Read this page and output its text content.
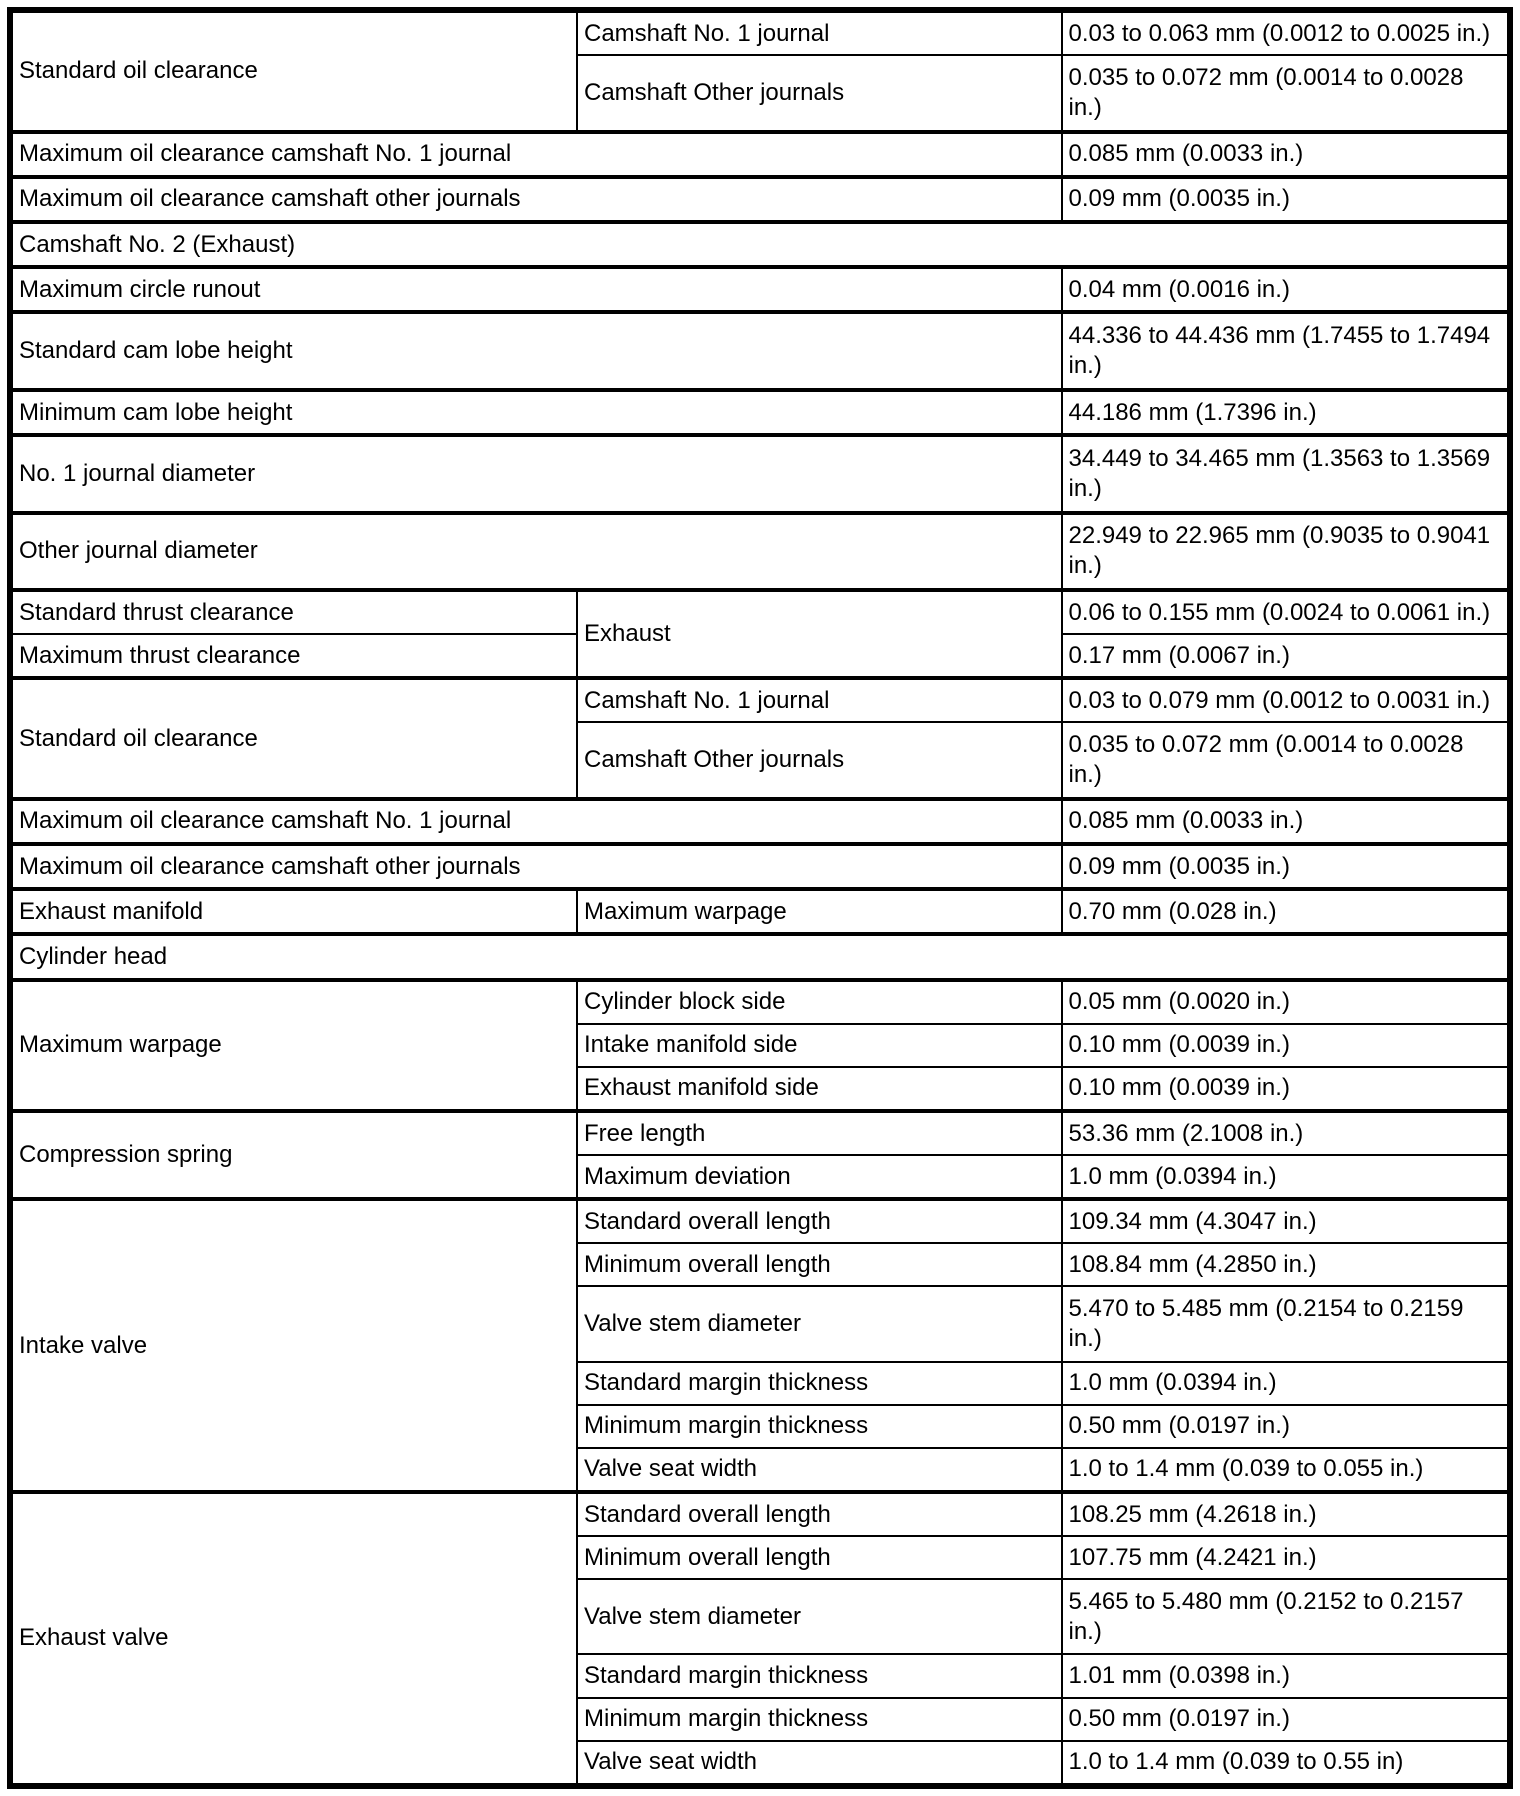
Standard oil clearance	Camshaft No. 1 journal	0.03 to 0.063 mm (0.0012 to 0.0025 in.)
	Camshaft Other journals	0.035 to 0.072 mm (0.0014 to 0.0028 in.)
Maximum oil clearance camshaft No. 1 journal		0.085 mm (0.0033 in.)
Maximum oil clearance camshaft other journals		0.09 mm (0.0035 in.)
Camshaft No. 2 (Exhaust)		
Maximum circle runout		0.04 mm (0.0016 in.)
Standard cam lobe height		44.336 to 44.436 mm (1.7455 to 1.7494 in.)
Minimum cam lobe height		44.186 mm (1.7396 in.)
No. 1 journal diameter		34.449 to 34.465 mm (1.3563 to 1.3569 in.)
Other journal diameter		22.949 to 22.965 mm (0.9035 to 0.9041 in.)
Standard thrust clearance	Exhaust	0.06 to 0.155 mm (0.0024 to 0.0061 in.)
Maximum thrust clearance		0.17 mm (0.0067 in.)
Standard oil clearance	Camshaft No. 1 journal	0.03 to 0.079 mm (0.0012 to 0.0031 in.)
	Camshaft Other journals	0.035 to 0.072 mm (0.0014 to 0.0028 in.)
Maximum oil clearance camshaft No. 1 journal		0.085 mm (0.0033 in.)
Maximum oil clearance camshaft other journals		0.09 mm (0.0035 in.)
Exhaust manifold	Maximum warpage	0.70 mm (0.028 in.)
Cylinder head		
Maximum warpage	Cylinder block side	0.05 mm (0.0020 in.)
	Intake manifold side	0.10 mm (0.0039 in.)
	Exhaust manifold side	0.10 mm (0.0039 in.)
Compression spring	Free length	53.36 mm (2.1008 in.)
	Maximum deviation	1.0 mm (0.0394 in.)
Intake valve	Standard overall length	109.34 mm (4.3047 in.)
	Minimum overall length	108.84 mm (4.2850 in.)
	Valve stem diameter	5.470 to 5.485 mm (0.2154 to 0.2159 in.)
	Standard margin thickness	1.0 mm (0.0394 in.)
	Minimum margin thickness	0.50 mm (0.0197 in.)
	Valve seat width	1.0 to 1.4 mm (0.039 to 0.055 in.)
Exhaust valve	Standard overall length	108.25 mm (4.2618 in.)
	Minimum overall length	107.75 mm (4.2421 in.)
	Valve stem diameter	5.465 to 5.480 mm (0.2152 to 0.2157 in.)
	Standard margin thickness	1.01 mm (0.0398 in.)
	Minimum margin thickness	0.50 mm (0.0197 in.)
	Valve seat width	1.0 to 1.4 mm (0.039 to 0.55 in)
